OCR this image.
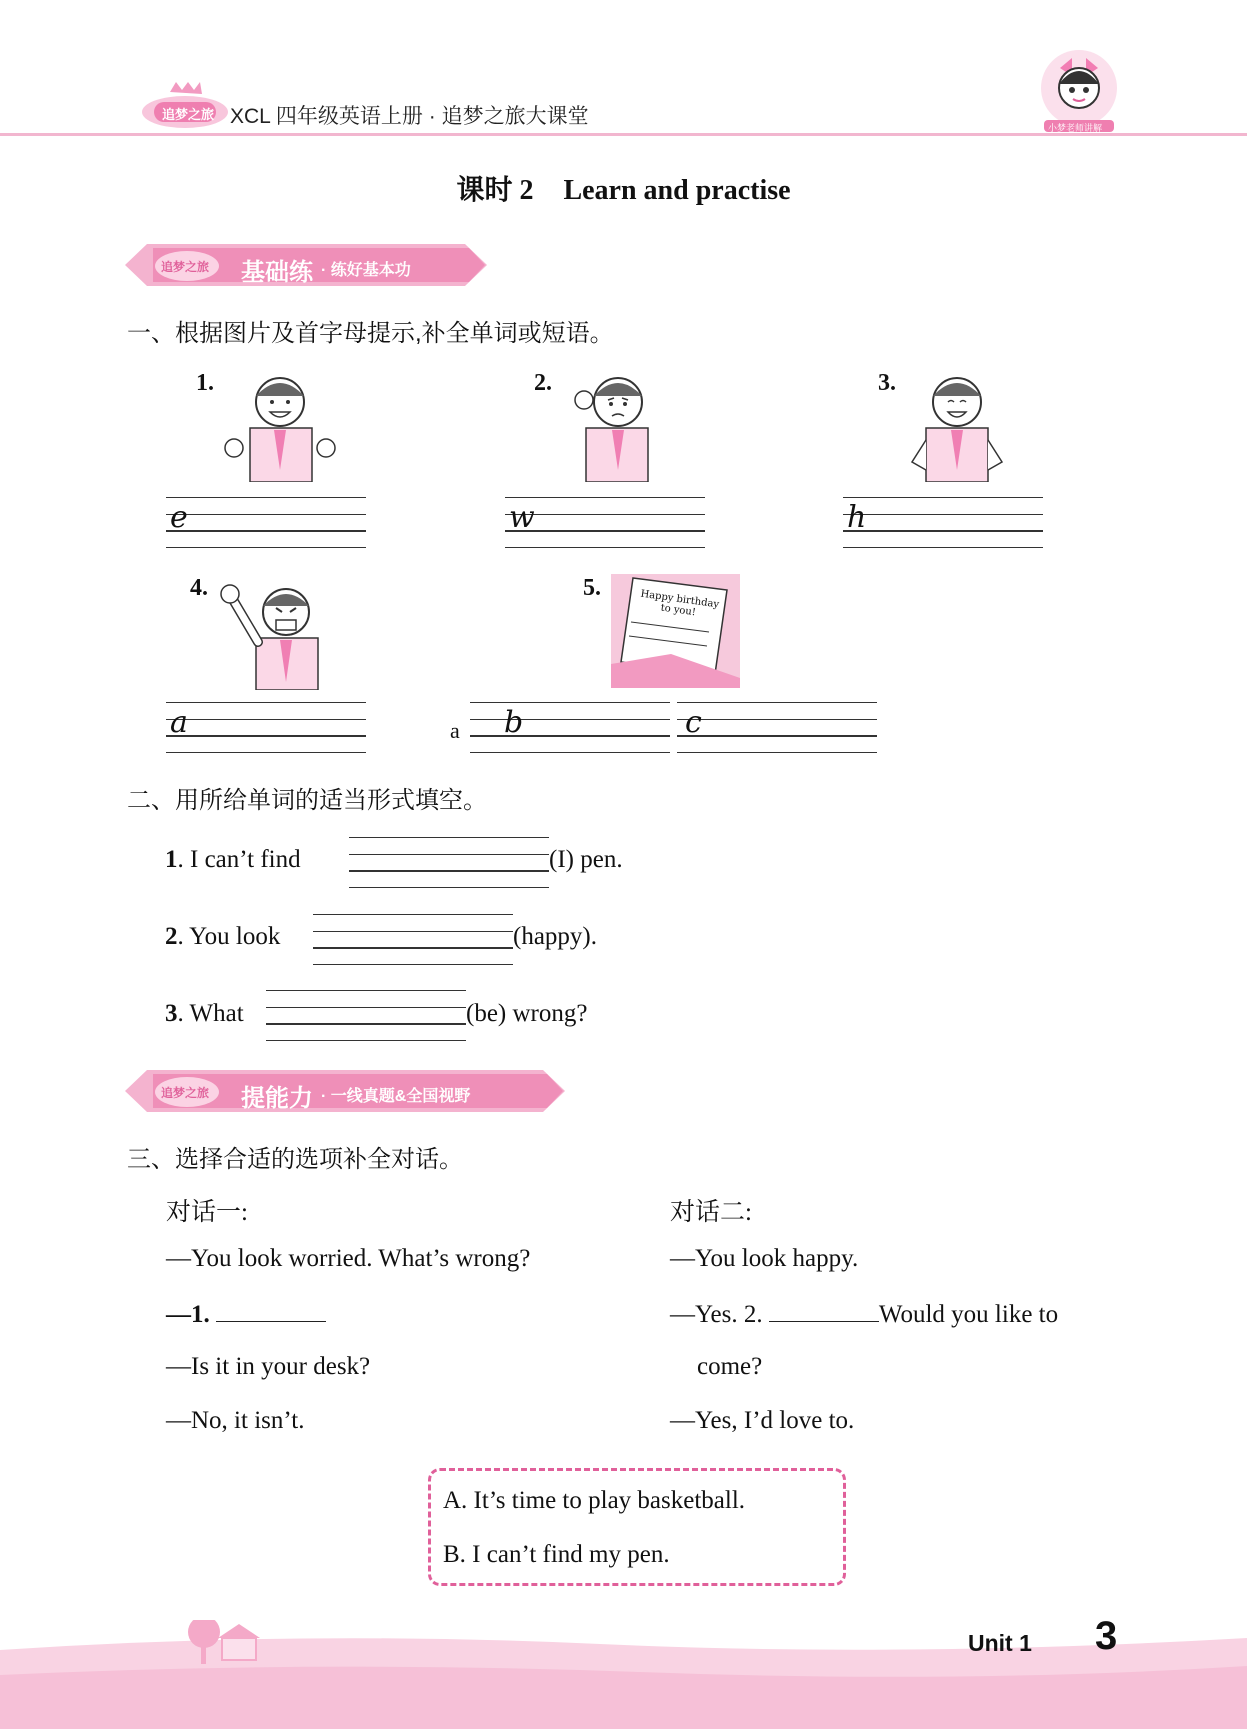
追梦之旅 XCL 四年级英语上册 · 追梦之旅大课堂	小梦老师讲解
课时 2 Learn and practise
追梦之旅 基础练 · 练好基本功
一、根据图片及首字母提示,补全单词或短语。
1.
e
2.
w
3.
h
4.
a
5.	Happy birthday to you!
a b	c
二、用所给单词的适当形式填空。
1. I can’t find	(I) pen.
2. You look	(happy).
3. What	(be) wrong?
追梦之旅 提能力 · 一线真题&全国视野
三、选择合适的选项补全对话。
对话一:
—You look worried. What’s wrong?
—1.
—Is it in your desk?
—No, it isn’t.
对话二:
—You look happy.
—Yes. 2.	Would you like to
come?
—Yes, I’d love to.
A. It’s time to play basketball.
B. I can’t find my pen.
Unit 1 3
